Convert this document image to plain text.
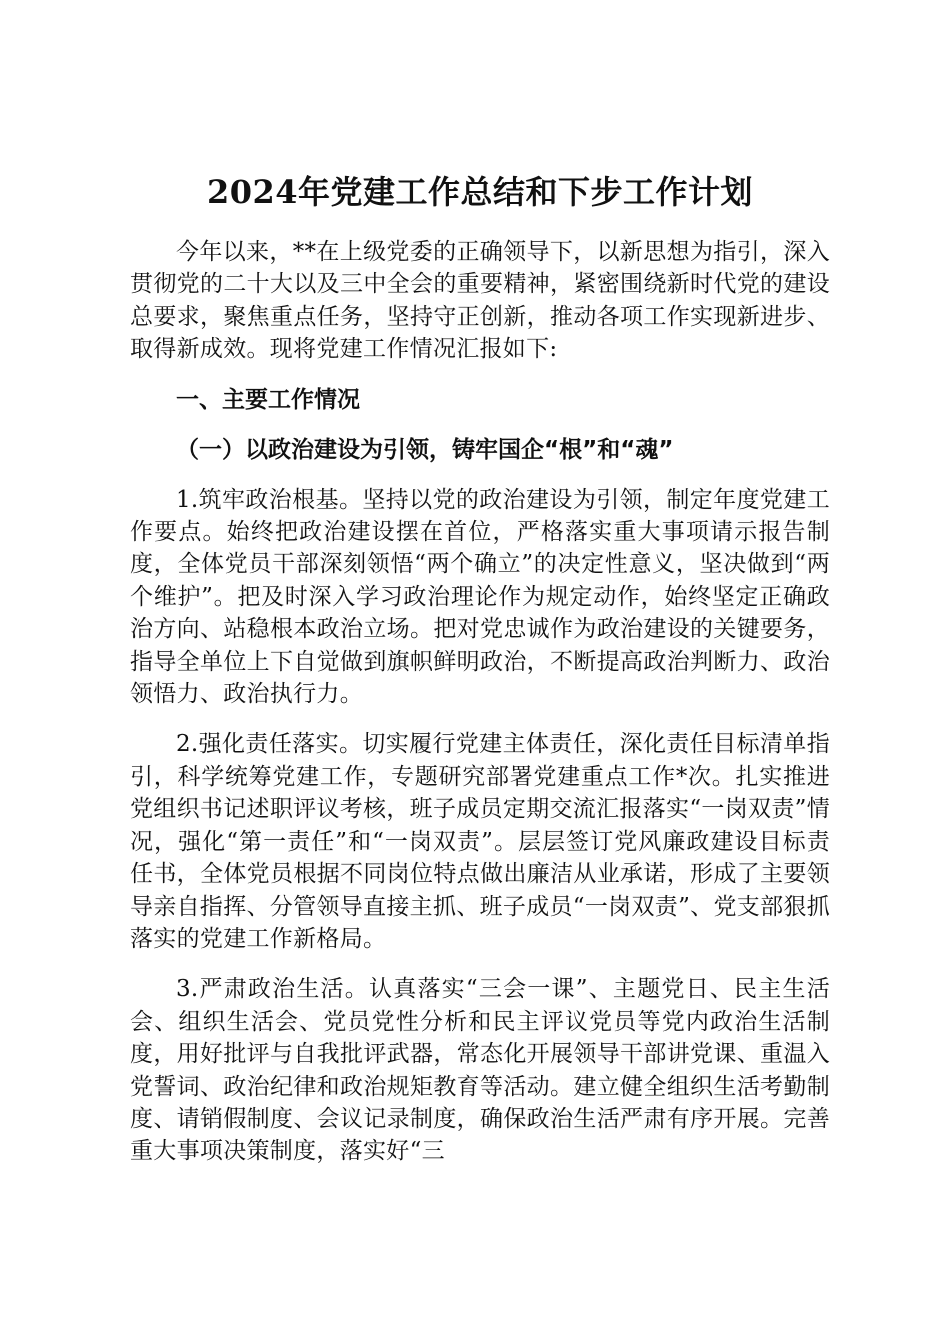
2024年党建工作总结和下步工作计划

今年以来，**在上级党委的正确领导下，以新思想为指引，深入贯彻党的二十大以及三中全会的重要精神，紧密围绕新时代党的建设总要求，聚焦重点任务，坚持守正创新，推动各项工作实现新进步、取得新成效。现将党建工作情况汇报如下:

一、主要工作情况

（一）以政治建设为引领，铸牢国企“根”和“魂”

1.筑牢政治根基。坚持以党的政治建设为引领，制定年度党建工作要点。始终把政治建设摆在首位，严格落实重大事项请示报告制度，全体党员干部深刻领悟“两个确立”的决定性意义，坚决做到“两个维护”。把及时深入学习政治理论作为规定动作，始终坚定正确政治方向、站稳根本政治立场。把对党忠诚作为政治建设的关键要务，指导全单位上下自觉做到旗帜鲜明政治，不断提高政治判断力、政治领悟力、政治执行力。

2.强化责任落实。切实履行党建主体责任，深化责任目标清单指引，科学统筹党建工作，专题研究部署党建重点工作*次。扎实推进党组织书记述职评议考核，班子成员定期交流汇报落实“一岗双责”情况，强化“第一责任”和“一岗双责”。层层签订党风廉政建设目标责任书，全体党员根据不同岗位特点做出廉洁从业承诺，形成了主要领导亲自指挥、分管领导直接主抓、班子成员“一岗双责”、党支部狠抓落实的党建工作新格局。

3.严肃政治生活。认真落实“三会一课”、主题党日、民主生活会、组织生活会、党员党性分析和民主评议党员等党内政治生活制度，用好批评与自我批评武器，常态化开展领导干部讲党课、重温入党誓词、政治纪律和政治规矩教育等活动。建立健全组织生活考勤制度、请销假制度、会议记录制度，确保政治生活严肃有序开展。完善重大事项决策制度，落实好“三
